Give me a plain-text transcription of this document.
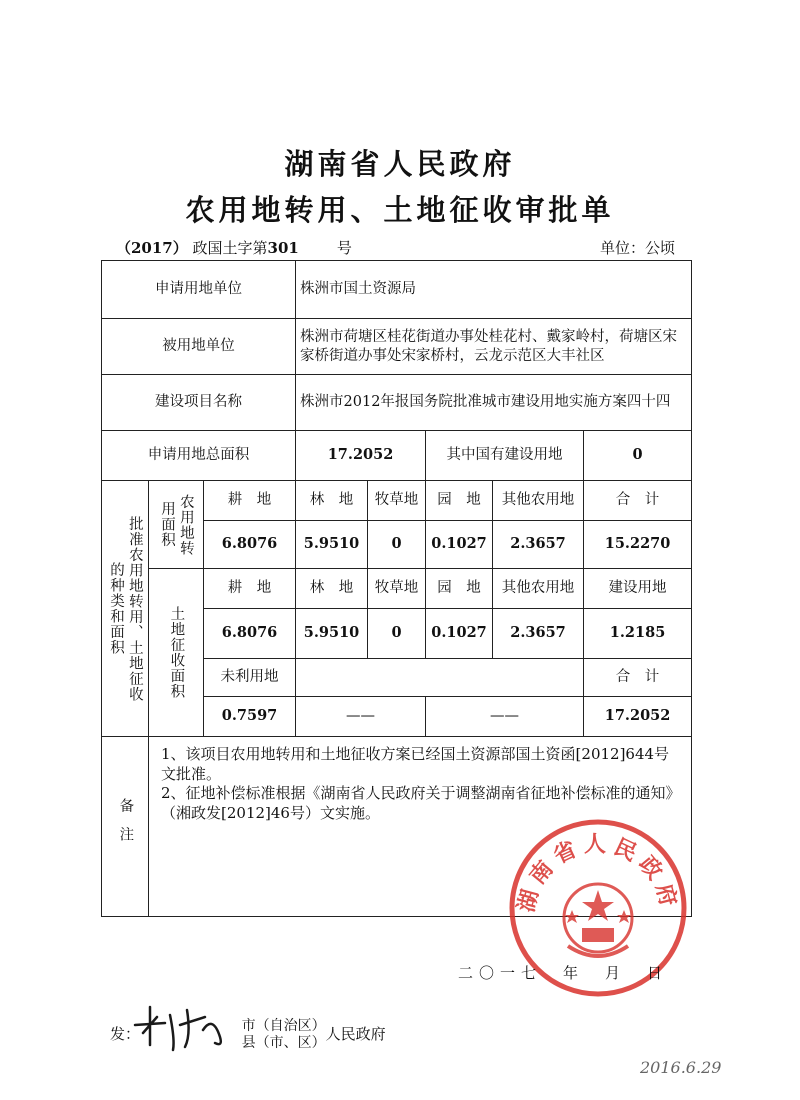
湖南省人民政府
农用地转用、土地征收审批单
（2017） 政国土字第301	号	单位：公顷
申请用地单位			株洲市国土资源局				
被用地单位			株洲市荷塘区桂花街道办事处桂花村、戴家岭村，荷塘区宋家桥街道办事处宋家桥村，云龙示范区大丰社区				
建设项目名称			株洲市2012年报国务院批准城市建设用地实施方案四十四				
申请用地总面积			17.2052		其中国有建设用地		0

批准农用地转用、土地征收的种类和面积	农用地转用面积	耕　地	林　地	牧草地	园　地	其他农用地	合　计
		6.8076	5.9510	0	0.1027	2.3657	15.2270

	土地征收面积	耕　地	林　地	牧草地	园　地	其他农用地	建设用地
		6.8076	5.9510	0	0.1027	2.3657	1.2185
		未利用地					合　计
		0.7597	——		——		17.2052

备注	1、该项目农用地转用和土地征收方案已经国土资源部国土资函[2012]644号文批准。
2、征地补偿标准根据《湖南省人民政府关于调整湖南省征地补偿标准的通知》（湘政发[2012]46号）文实施。						
湖南省人民政府
二〇一七　年　月　日
发：	市（自治区）
县（市、区） 人民政府
2016.6.29
